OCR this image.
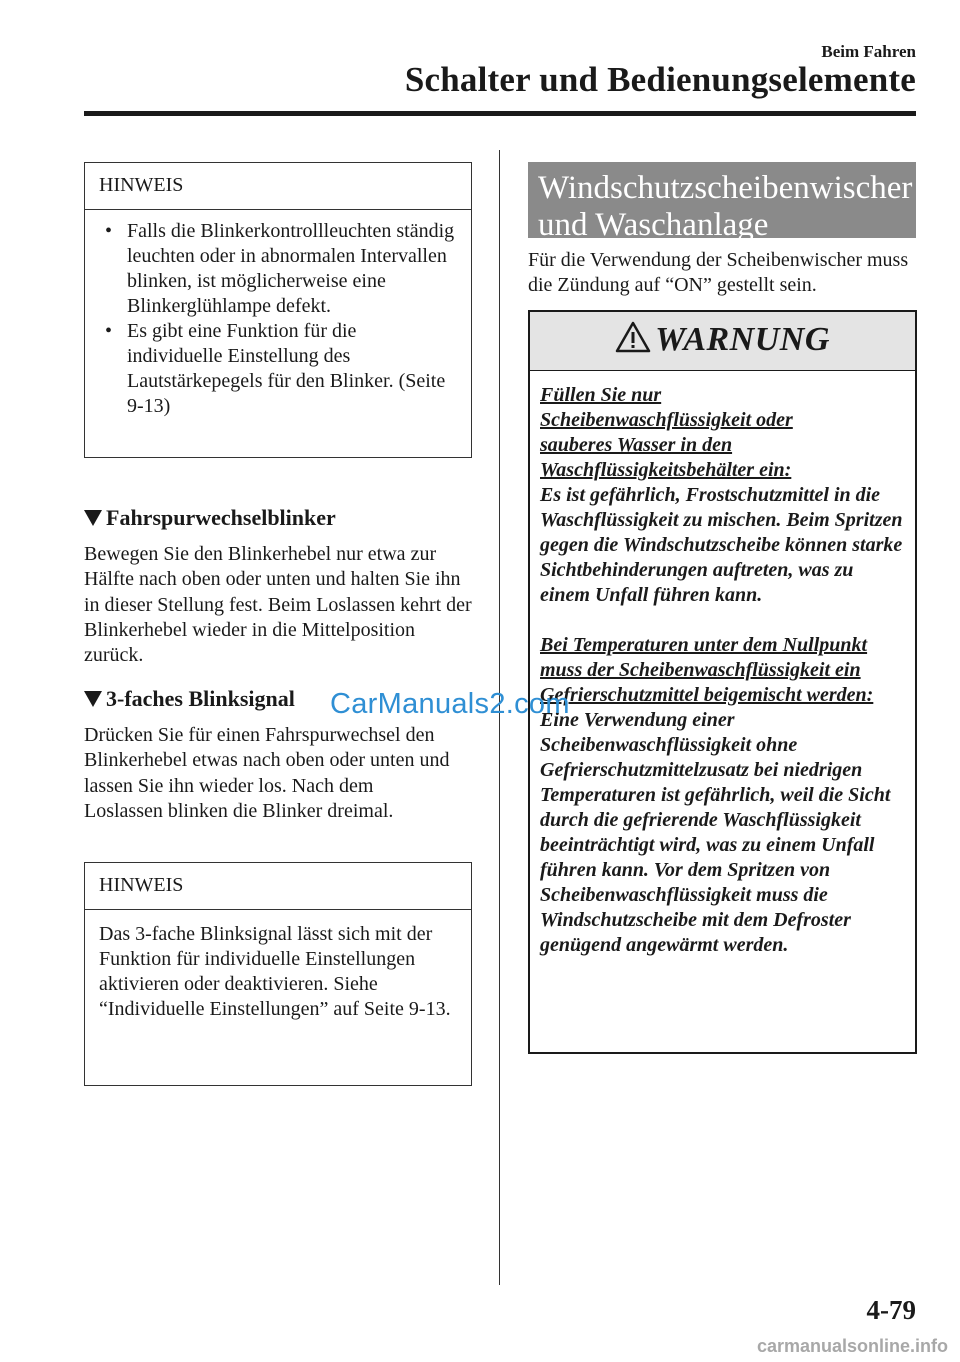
Beim Fahren
Schalter und Bedienungselemente
HINWEIS
• Falls die Blinkerkontrollleuchten ständig leuchten oder in abnormalen Intervallen blinken, ist möglicherweise eine Blinkerglühlampe defekt.
• Es gibt eine Funktion für die individuelle Einstellung des Lautstärkepegels für den Blinker. (Seite 9-13)
Fahrspurwechselblinker
Bewegen Sie den Blinkerhebel nur etwa zur Hälfte nach oben oder unten und halten Sie ihn in dieser Stellung fest. Beim Loslassen kehrt der Blinkerhebel wieder in die Mittelposition zurück.
3-faches Blinksignal
Drücken Sie für einen Fahrspurwechsel den Blinkerhebel etwas nach oben oder unten und lassen Sie ihn wieder los. Nach dem Loslassen blinken die Blinker dreimal.
HINWEIS
Das 3-fache Blinksignal lässt sich mit der Funktion für individuelle Einstellungen aktivieren oder deaktivieren. Siehe “Individuelle Einstellungen” auf Seite 9-13.
Windschutzscheibenwischer und Waschanlage
Für die Verwendung der Scheibenwischer muss die Zündung auf “ON” gestellt sein.
WARNUNG
Füllen Sie nur Scheibenwaschflüssigkeit oder sauberes Wasser in den Waschflüssigkeitsbehälter ein:
Es ist gefährlich, Frostschutzmittel in die Waschflüssigkeit zu mischen. Beim Spritzen gegen die Windschutzscheibe können starke Sichtbehinderungen auftreten, was zu einem Unfall führen kann.
Bei Temperaturen unter dem Nullpunkt muss der Scheibenwaschflüssigkeit ein Gefrierschutzmittel beigemischt werden:
Eine Verwendung einer Scheibenwaschflüssigkeit ohne Gefrierschutzmittelzusatz bei niedrigen Temperaturen ist gefährlich, weil die Sicht durch die gefrierende Waschflüssigkeit beeinträchtigt wird, was zu einem Unfall führen kann. Vor dem Spritzen von Scheibenwaschflüssigkeit muss die Windschutzscheibe mit dem Defroster genügend angewärmt werden.
CarManuals2.com
4-79
carmanualsonline.info
